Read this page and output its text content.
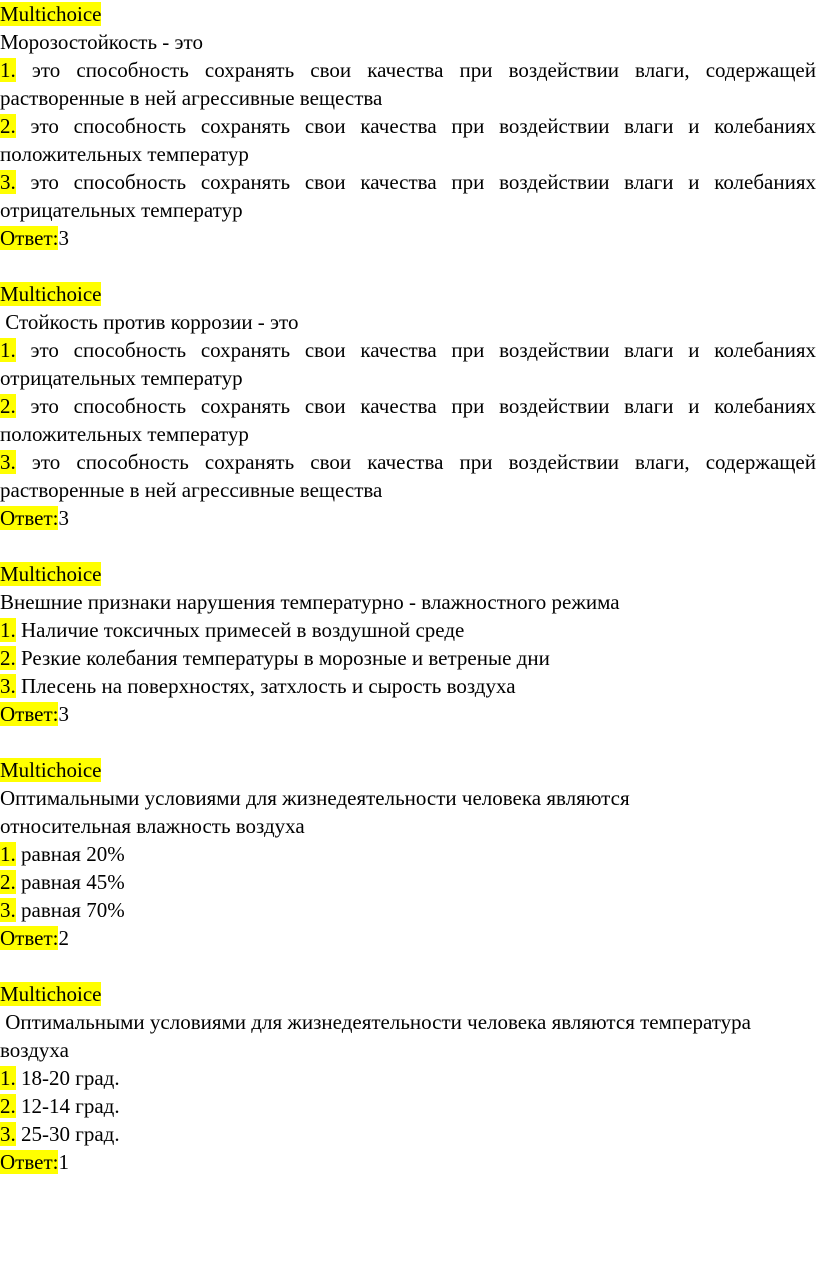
Multichoice
Морозостойкость - это
1. это способность сохранять свои качества при воздействии влаги, содержащей растворенные в ней агрессивные вещества
2. это способность сохранять свои качества при воздействии влаги и колебаниях положительных температур
3. это способность сохранять свои качества при воздействии влаги и колебаниях отрицательных температур
Ответ:3
Multichoice
Стойкость против коррозии - это
1. это способность сохранять свои качества при воздействии влаги и колебаниях отрицательных температур
2. это способность сохранять свои качества при воздействии влаги и колебаниях положительных температур
3. это способность сохранять свои качества при воздействии влаги, содержащей растворенные в ней агрессивные вещества
Ответ:3
Multichoice
Внешние признаки нарушения температурно - влажностного режима
1. Наличие токсичных примесей в воздушной среде
2. Резкие колебания температуры в морозные и ветреные дни
3. Плесень на поверхностях, затхлость и сырость воздуха
Ответ:3
Multichoice
Оптимальными условиями для жизнедеятельности человека являются относительная влажность воздуха
1. равная 20%
2. равная 45%
3. равная 70%
Ответ:2
Multichoice
Оптимальными условиями для жизнедеятельности человека являются температура воздуха
1. 18-20 град.
2. 12-14 град.
3. 25-30 град.
Ответ:1
